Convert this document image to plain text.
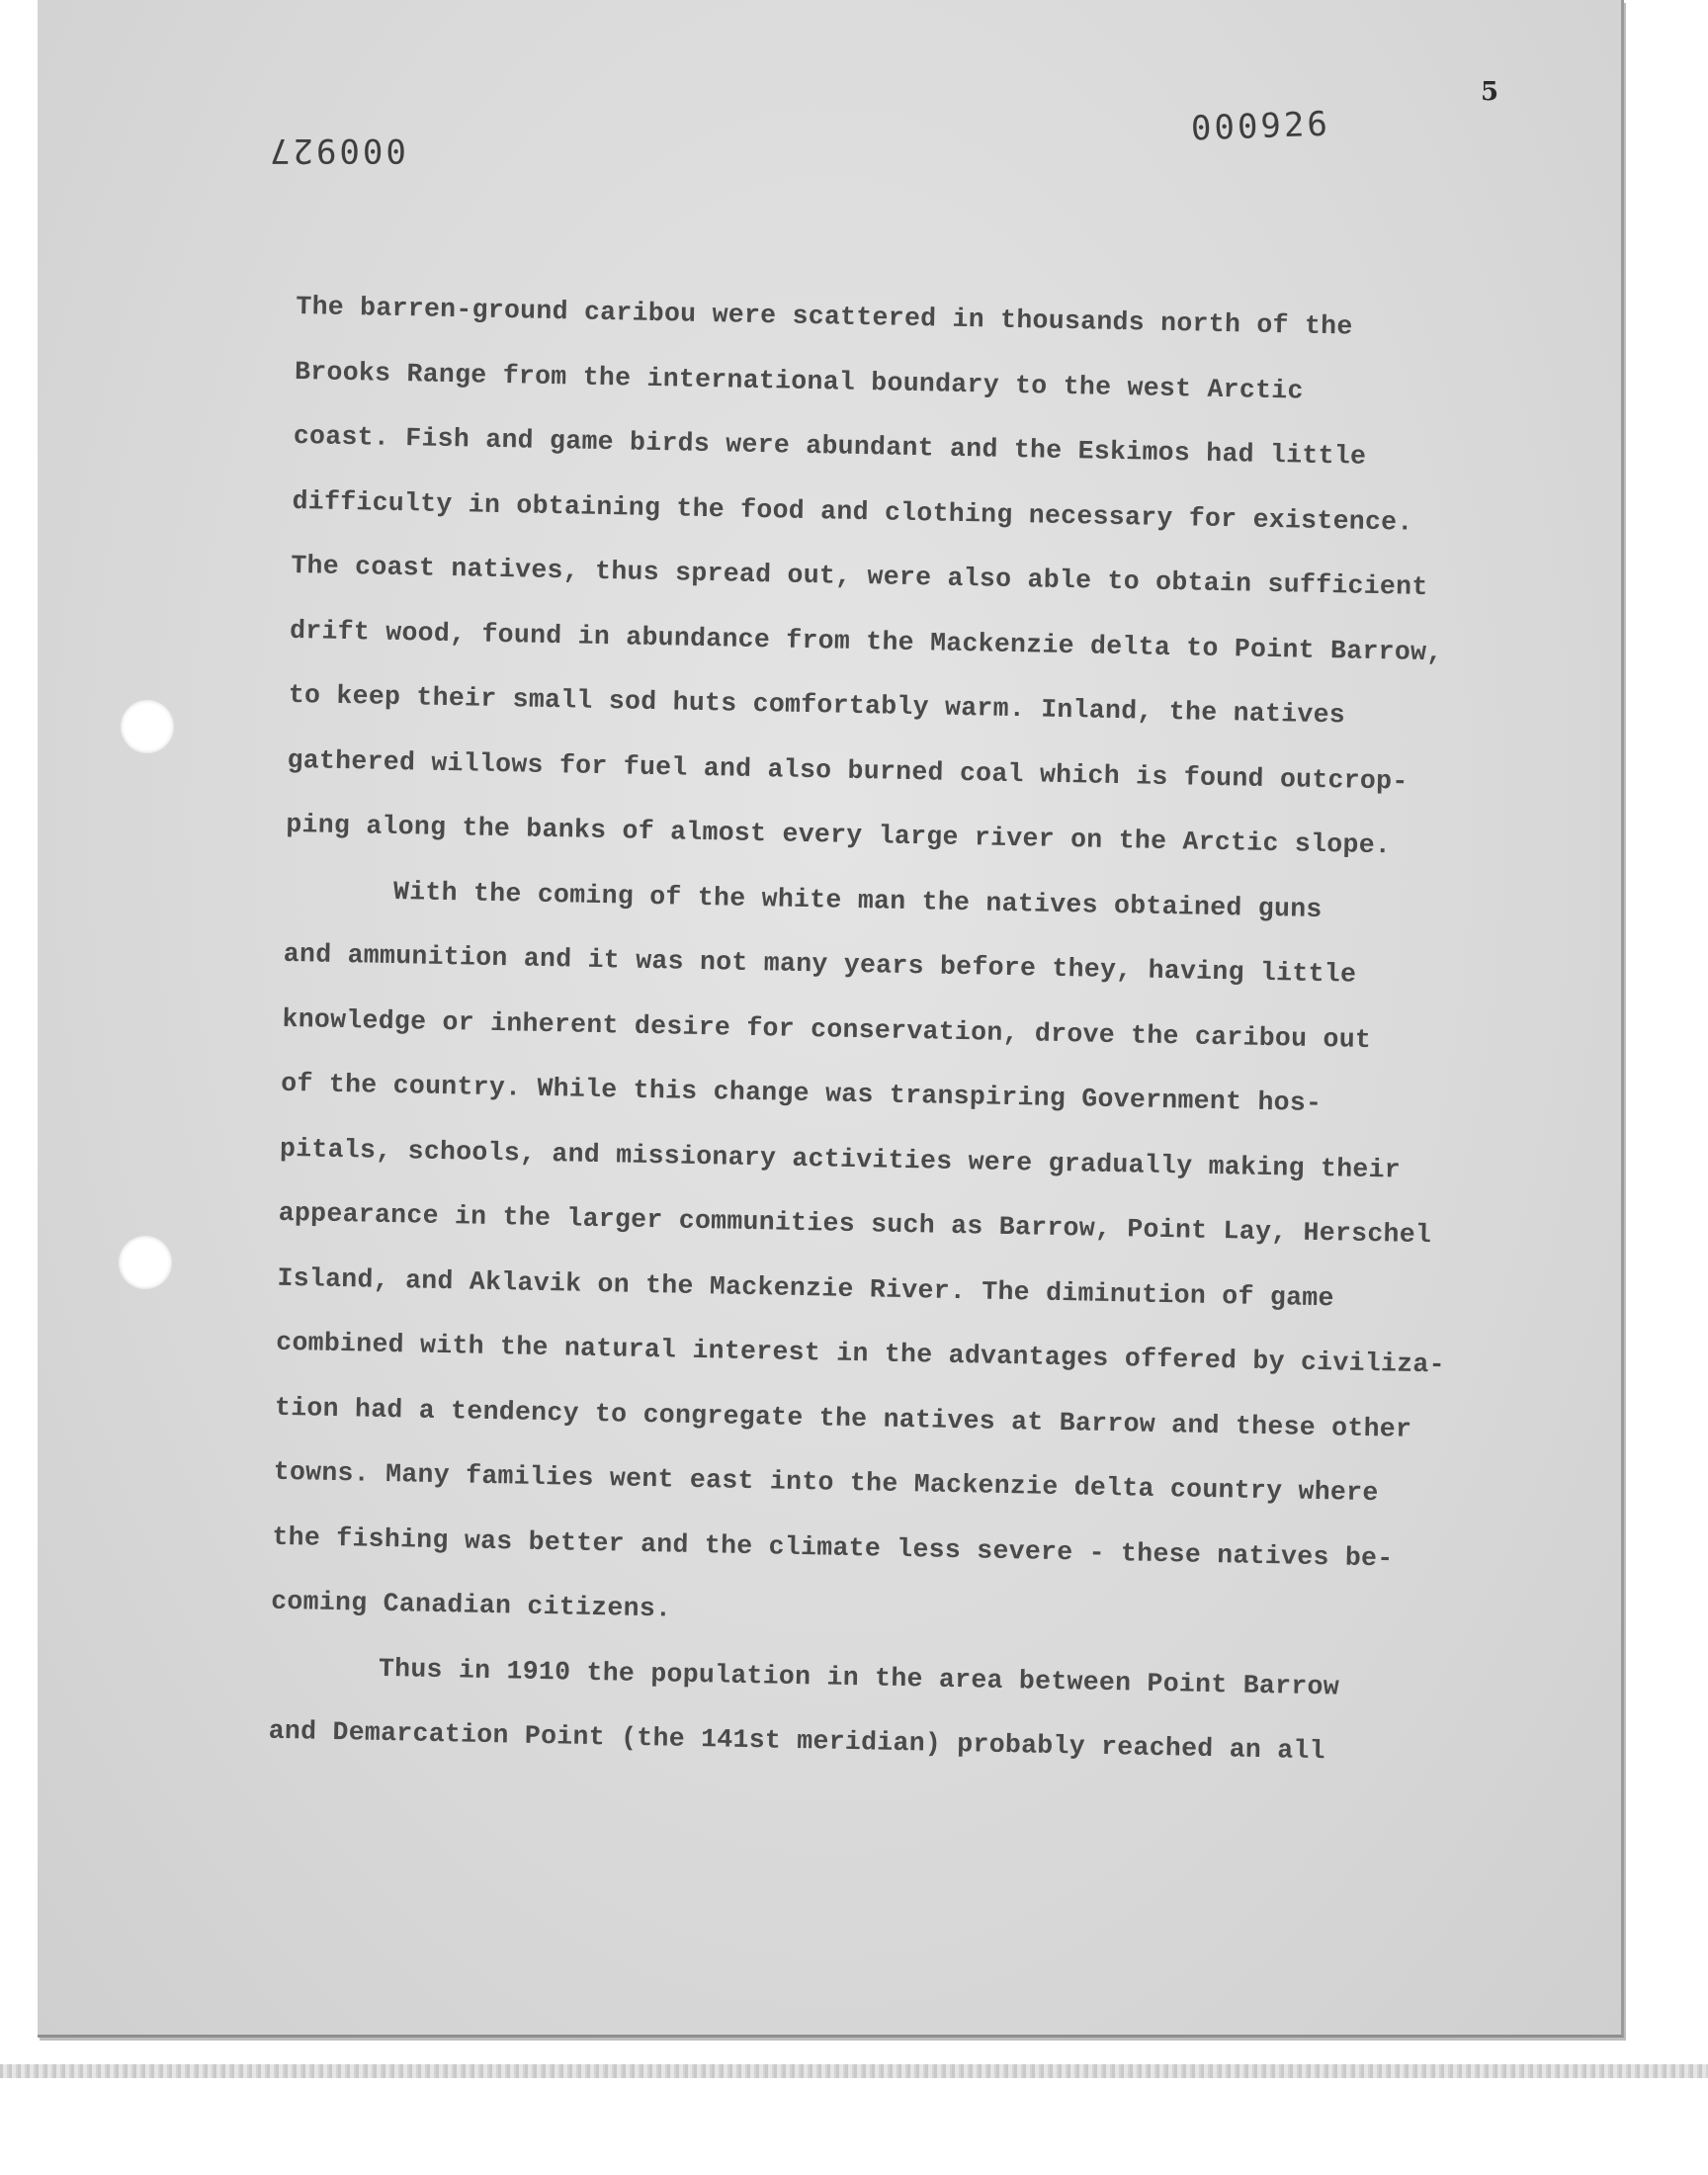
000927
000926
5
The barren-ground caribou were scattered in thousands north of the
Brooks Range from the international boundary to the west Arctic
coast. Fish and game birds were abundant and the Eskimos had little
difficulty in obtaining the food and clothing necessary for existence.
The coast natives, thus spread out, were also able to obtain sufficient
drift wood, found in abundance from the Mackenzie delta to Point Barrow,
to keep their small sod huts comfortably warm. Inland, the natives
gathered willows for fuel and also burned coal which is found outcrop-
ping along the banks of almost every large river on the Arctic slope.
With the coming of the white man the natives obtained guns
and ammunition and it was not many years before they, having little
knowledge or inherent desire for conservation, drove the caribou out
of the country. While this change was transpiring Government hos-
pitals, schools, and missionary activities were gradually making their
appearance in the larger communities such as Barrow, Point Lay, Herschel
Island, and Aklavik on the Mackenzie River. The diminution of game
combined with the natural interest in the advantages offered by civiliza-
tion had a tendency to congregate the natives at Barrow and these other
towns. Many families went east into the Mackenzie delta country where
the fishing was better and the climate less severe - these natives be-
coming Canadian citizens.
Thus in 1910 the population in the area between Point Barrow
and Demarcation Point (the 141st meridian) probably reached an all
